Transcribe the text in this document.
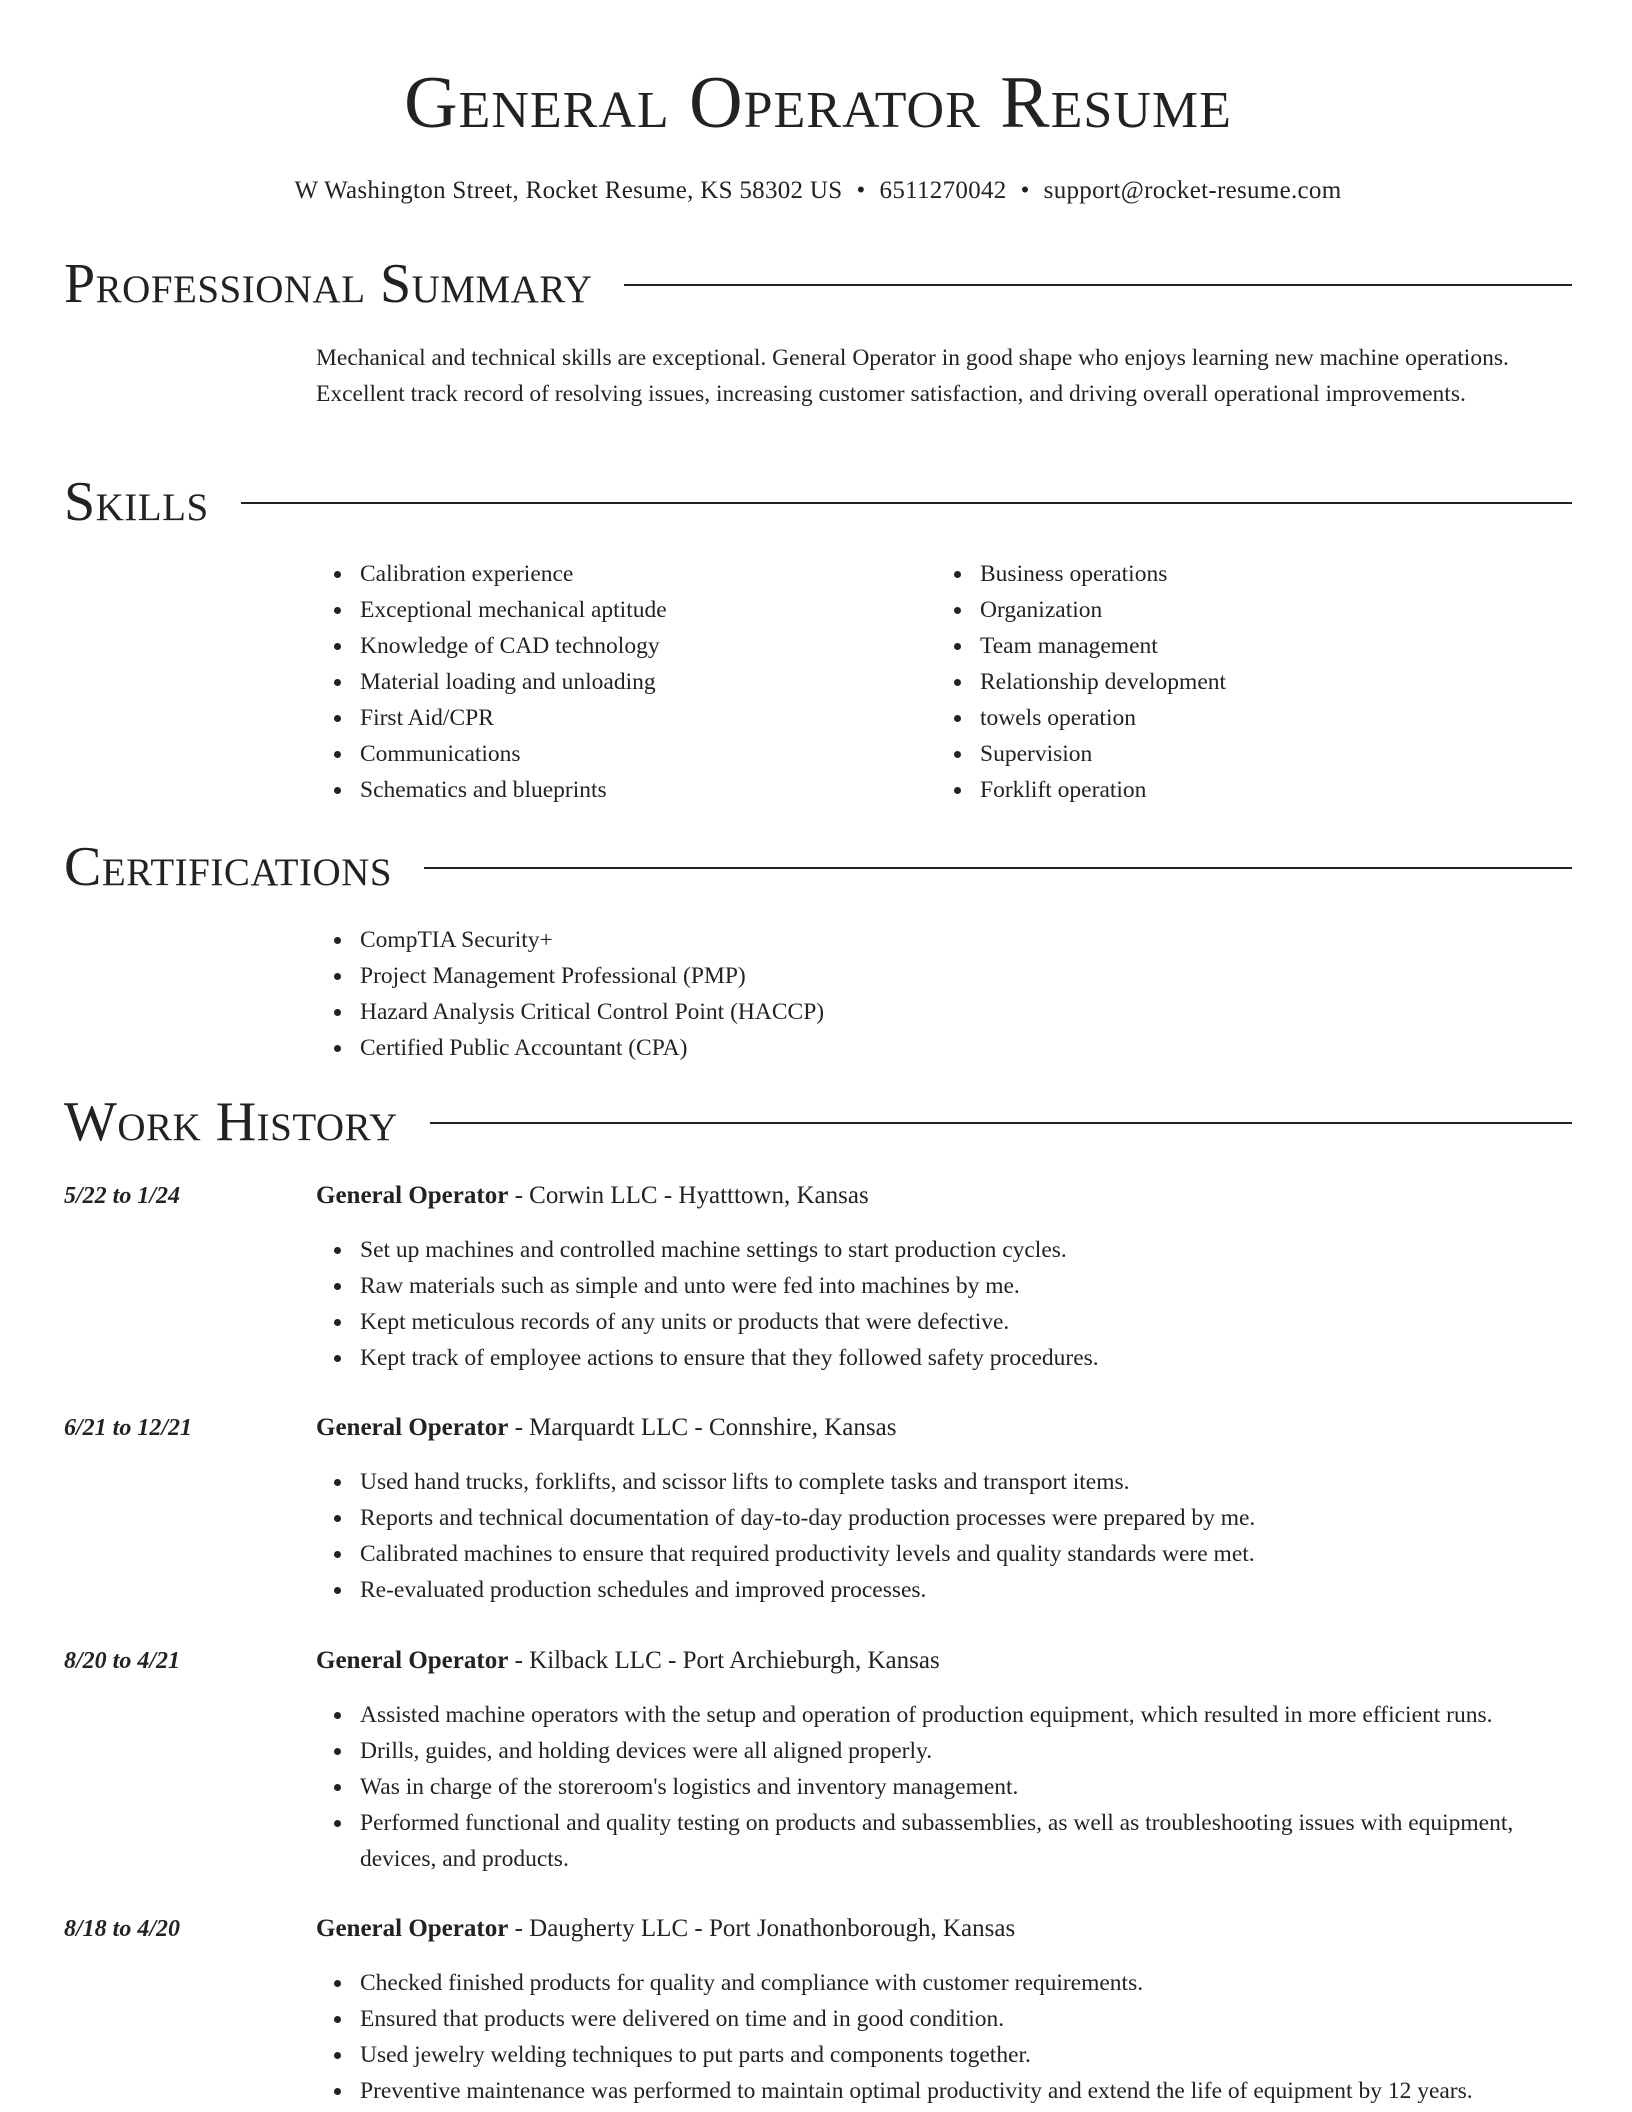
General Operator Resume
W Washington Street, Rocket Resume, KS 58302 US • 6511270042 • support@rocket-resume.com
Professional Summary

Mechanical and technical skills are exceptional. General Operator in good shape who enjoys learning new machine operations. Excellent track record of resolving issues, increasing customer satisfaction, and driving overall operational improvements.

Skills
Calibration experience
Exceptional mechanical aptitude
Knowledge of CAD technology
Material loading and unloading
First Aid/CPR
Communications
Schematics and blueprints
Business operations
Organization
Team management
Relationship development
towels operation
Supervision
Forklift operation
Certifications
CompTIA Security+
Project Management Professional (PMP)
Hazard Analysis Critical Control Point (HACCP)
Certified Public Accountant (CPA)
Work History
5/22 to 1/24	General Operator - Corwin LLC - Hyatttown, Kansas
Set up machines and controlled machine settings to start production cycles.
Raw materials such as simple and unto were fed into machines by me.
Kept meticulous records of any units or products that were defective.
Kept track of employee actions to ensure that they followed safety procedures.
6/21 to 12/21	General Operator - Marquardt LLC - Connshire, Kansas
Used hand trucks, forklifts, and scissor lifts to complete tasks and transport items.
Reports and technical documentation of day-to-day production processes were prepared by me.
Calibrated machines to ensure that required productivity levels and quality standards were met.
Re-evaluated production schedules and improved processes.
8/20 to 4/21	General Operator - Kilback LLC - Port Archieburgh, Kansas
Assisted machine operators with the setup and operation of production equipment, which resulted in more efficient runs.
Drills, guides, and holding devices were all aligned properly.
Was in charge of the storeroom's logistics and inventory management.
Performed functional and quality testing on products and subassemblies, as well as troubleshooting issues with equipment, devices, and products.
8/18 to 4/20	General Operator - Daugherty LLC - Port Jonathonborough, Kansas
Checked finished products for quality and compliance with customer requirements.
Ensured that products were delivered on time and in good condition.
Used jewelry welding techniques to put parts and components together.
Preventive maintenance was performed to maintain optimal productivity and extend the life of equipment by 12 years.
